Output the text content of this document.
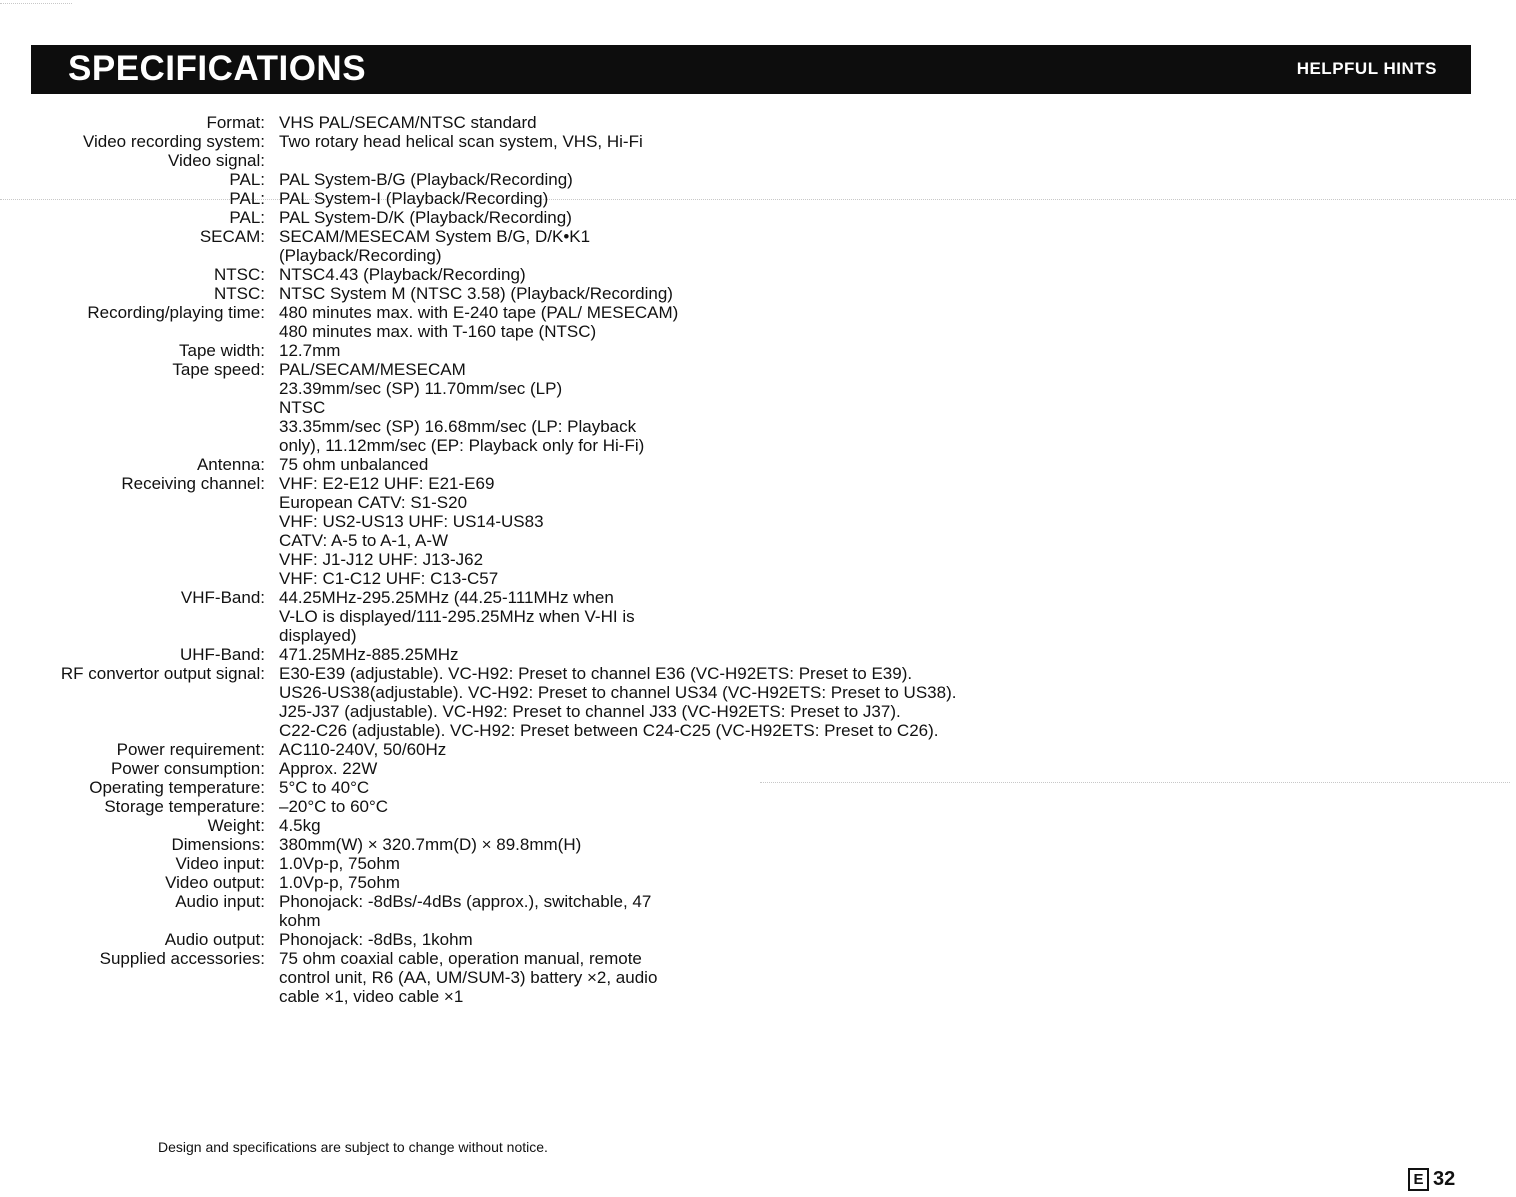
SPECIFICATIONS	HELPFUL HINTS
Format: VHS PAL/SECAM/NTSC standard
Video recording system: Two rotary head helical scan system, VHS, Hi-Fi
Video signal:
PAL: PAL System-B/G (Playback/Recording)
PAL: PAL System-I (Playback/Recording)
PAL: PAL System-D/K (Playback/Recording)
SECAM: SECAM/MESECAM System B/G, D/K•K1
(Playback/Recording)
NTSC: NTSC4.43 (Playback/Recording)
NTSC: NTSC System M (NTSC 3.58) (Playback/Recording)
Recording/playing time: 480 minutes max. with E-240 tape (PAL/ MESECAM)
480 minutes max. with T-160 tape (NTSC)
Tape width: 12.7mm
Tape speed: PAL/SECAM/MESECAM
23.39mm/sec (SP) 11.70mm/sec (LP)
NTSC
33.35mm/sec (SP) 16.68mm/sec (LP: Playback
only), 11.12mm/sec (EP: Playback only for Hi-Fi)
Antenna: 75 ohm unbalanced
Receiving channel: VHF: E2-E12 UHF: E21-E69
European CATV: S1-S20
VHF: US2-US13 UHF: US14-US83
CATV: A-5 to A-1, A-W
VHF: J1-J12 UHF: J13-J62
VHF: C1-C12 UHF: C13-C57
VHF-Band: 44.25MHz-295.25MHz (44.25-111MHz when
V-LO is displayed/111-295.25MHz when V-HI is
displayed)
UHF-Band: 471.25MHz-885.25MHz
RF convertor output signal: E30-E39 (adjustable). VC-H92: Preset to channel E36 (VC-H92ETS: Preset to E39).
US26-US38(adjustable). VC-H92: Preset to channel US34 (VC-H92ETS: Preset to US38).
J25-J37 (adjustable). VC-H92: Preset to channel J33 (VC-H92ETS: Preset to J37).
C22-C26 (adjustable). VC-H92: Preset between C24-C25 (VC-H92ETS: Preset to C26).
Power requirement: AC110-240V, 50/60Hz
Power consumption: Approx. 22W
Operating temperature: 5°C to 40°C
Storage temperature: –20°C to 60°C
Weight: 4.5kg
Dimensions: 380mm(W) × 320.7mm(D) × 89.8mm(H)
Video input: 1.0Vp-p, 75ohm
Video output: 1.0Vp-p, 75ohm
Audio input: Phonojack: -8dBs/-4dBs (approx.), switchable, 47
kohm
Audio output: Phonojack: -8dBs, 1kohm
Supplied accessories: 75 ohm coaxial cable, operation manual, remote
control unit, R6 (AA, UM/SUM-3) battery ×2, audio
cable ×1, video cable ×1
Design and specifications are subject to change without notice.
E 32
